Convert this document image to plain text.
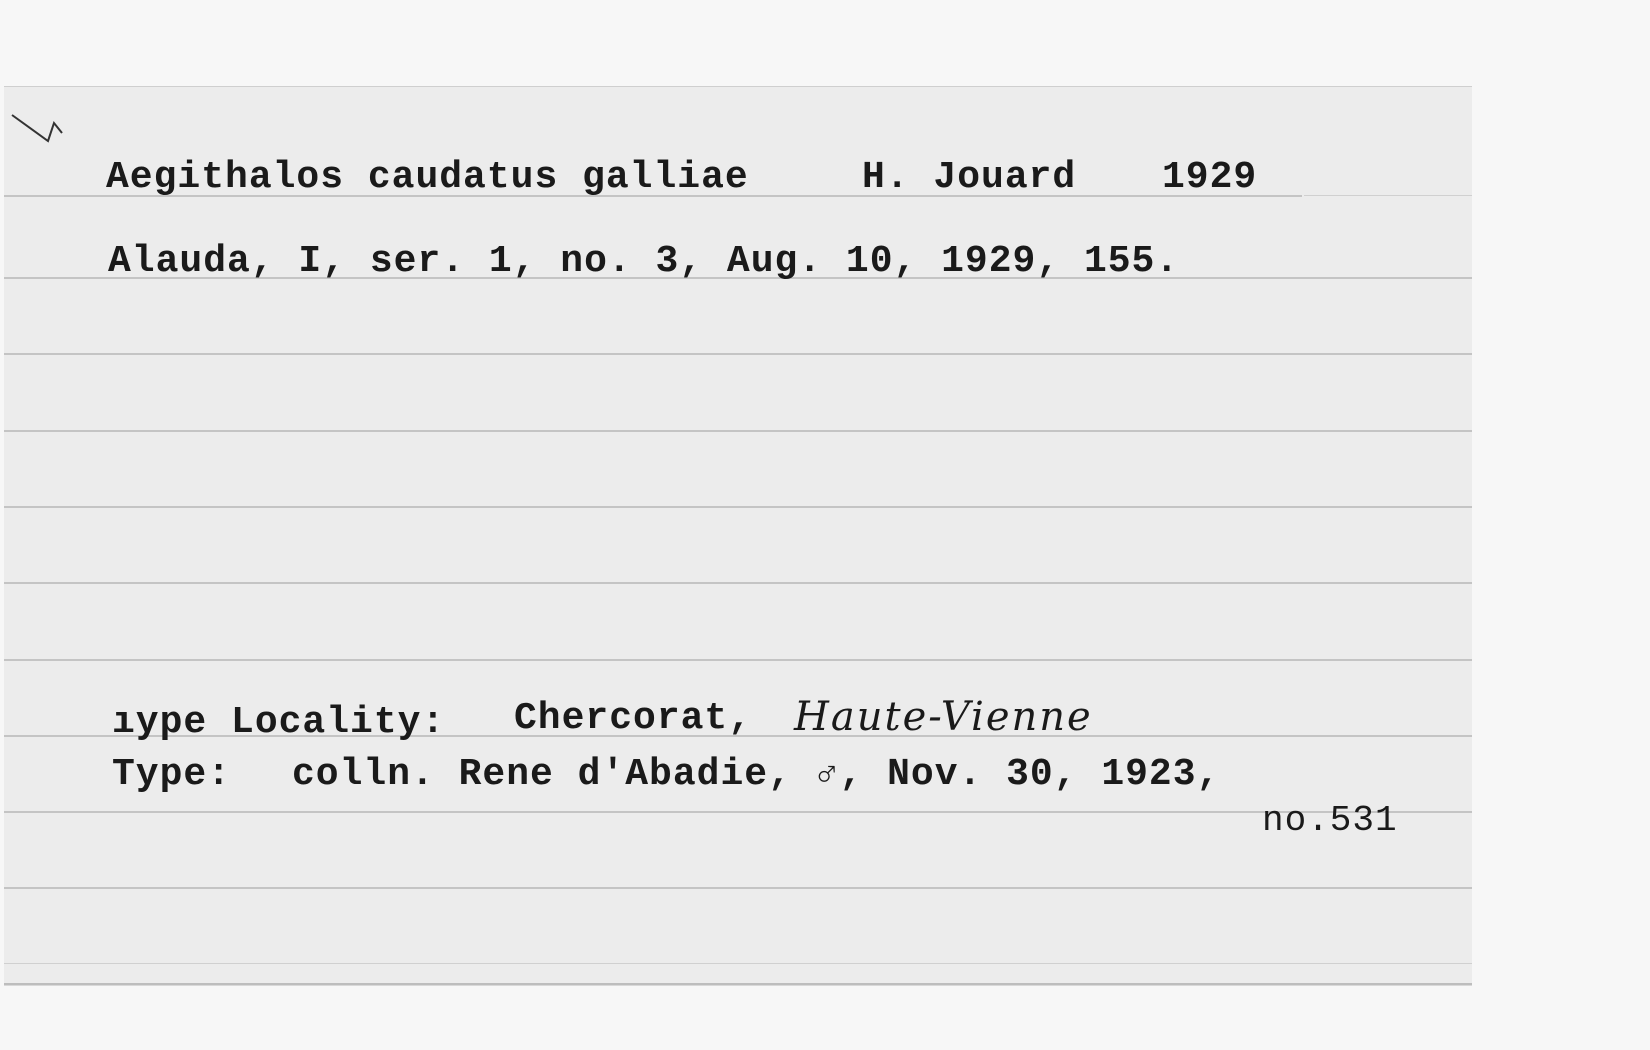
Aegithalos caudatus galliae	H. Jouard 1929
Alauda, I, ser. 1, no. 3, Aug. 10, 1929, 155.
ıype Locality: Chercorat, Haute-Vienne
Type: colln. Rene d'Abadie, ♂, Nov. 30, 1923,
no.531
